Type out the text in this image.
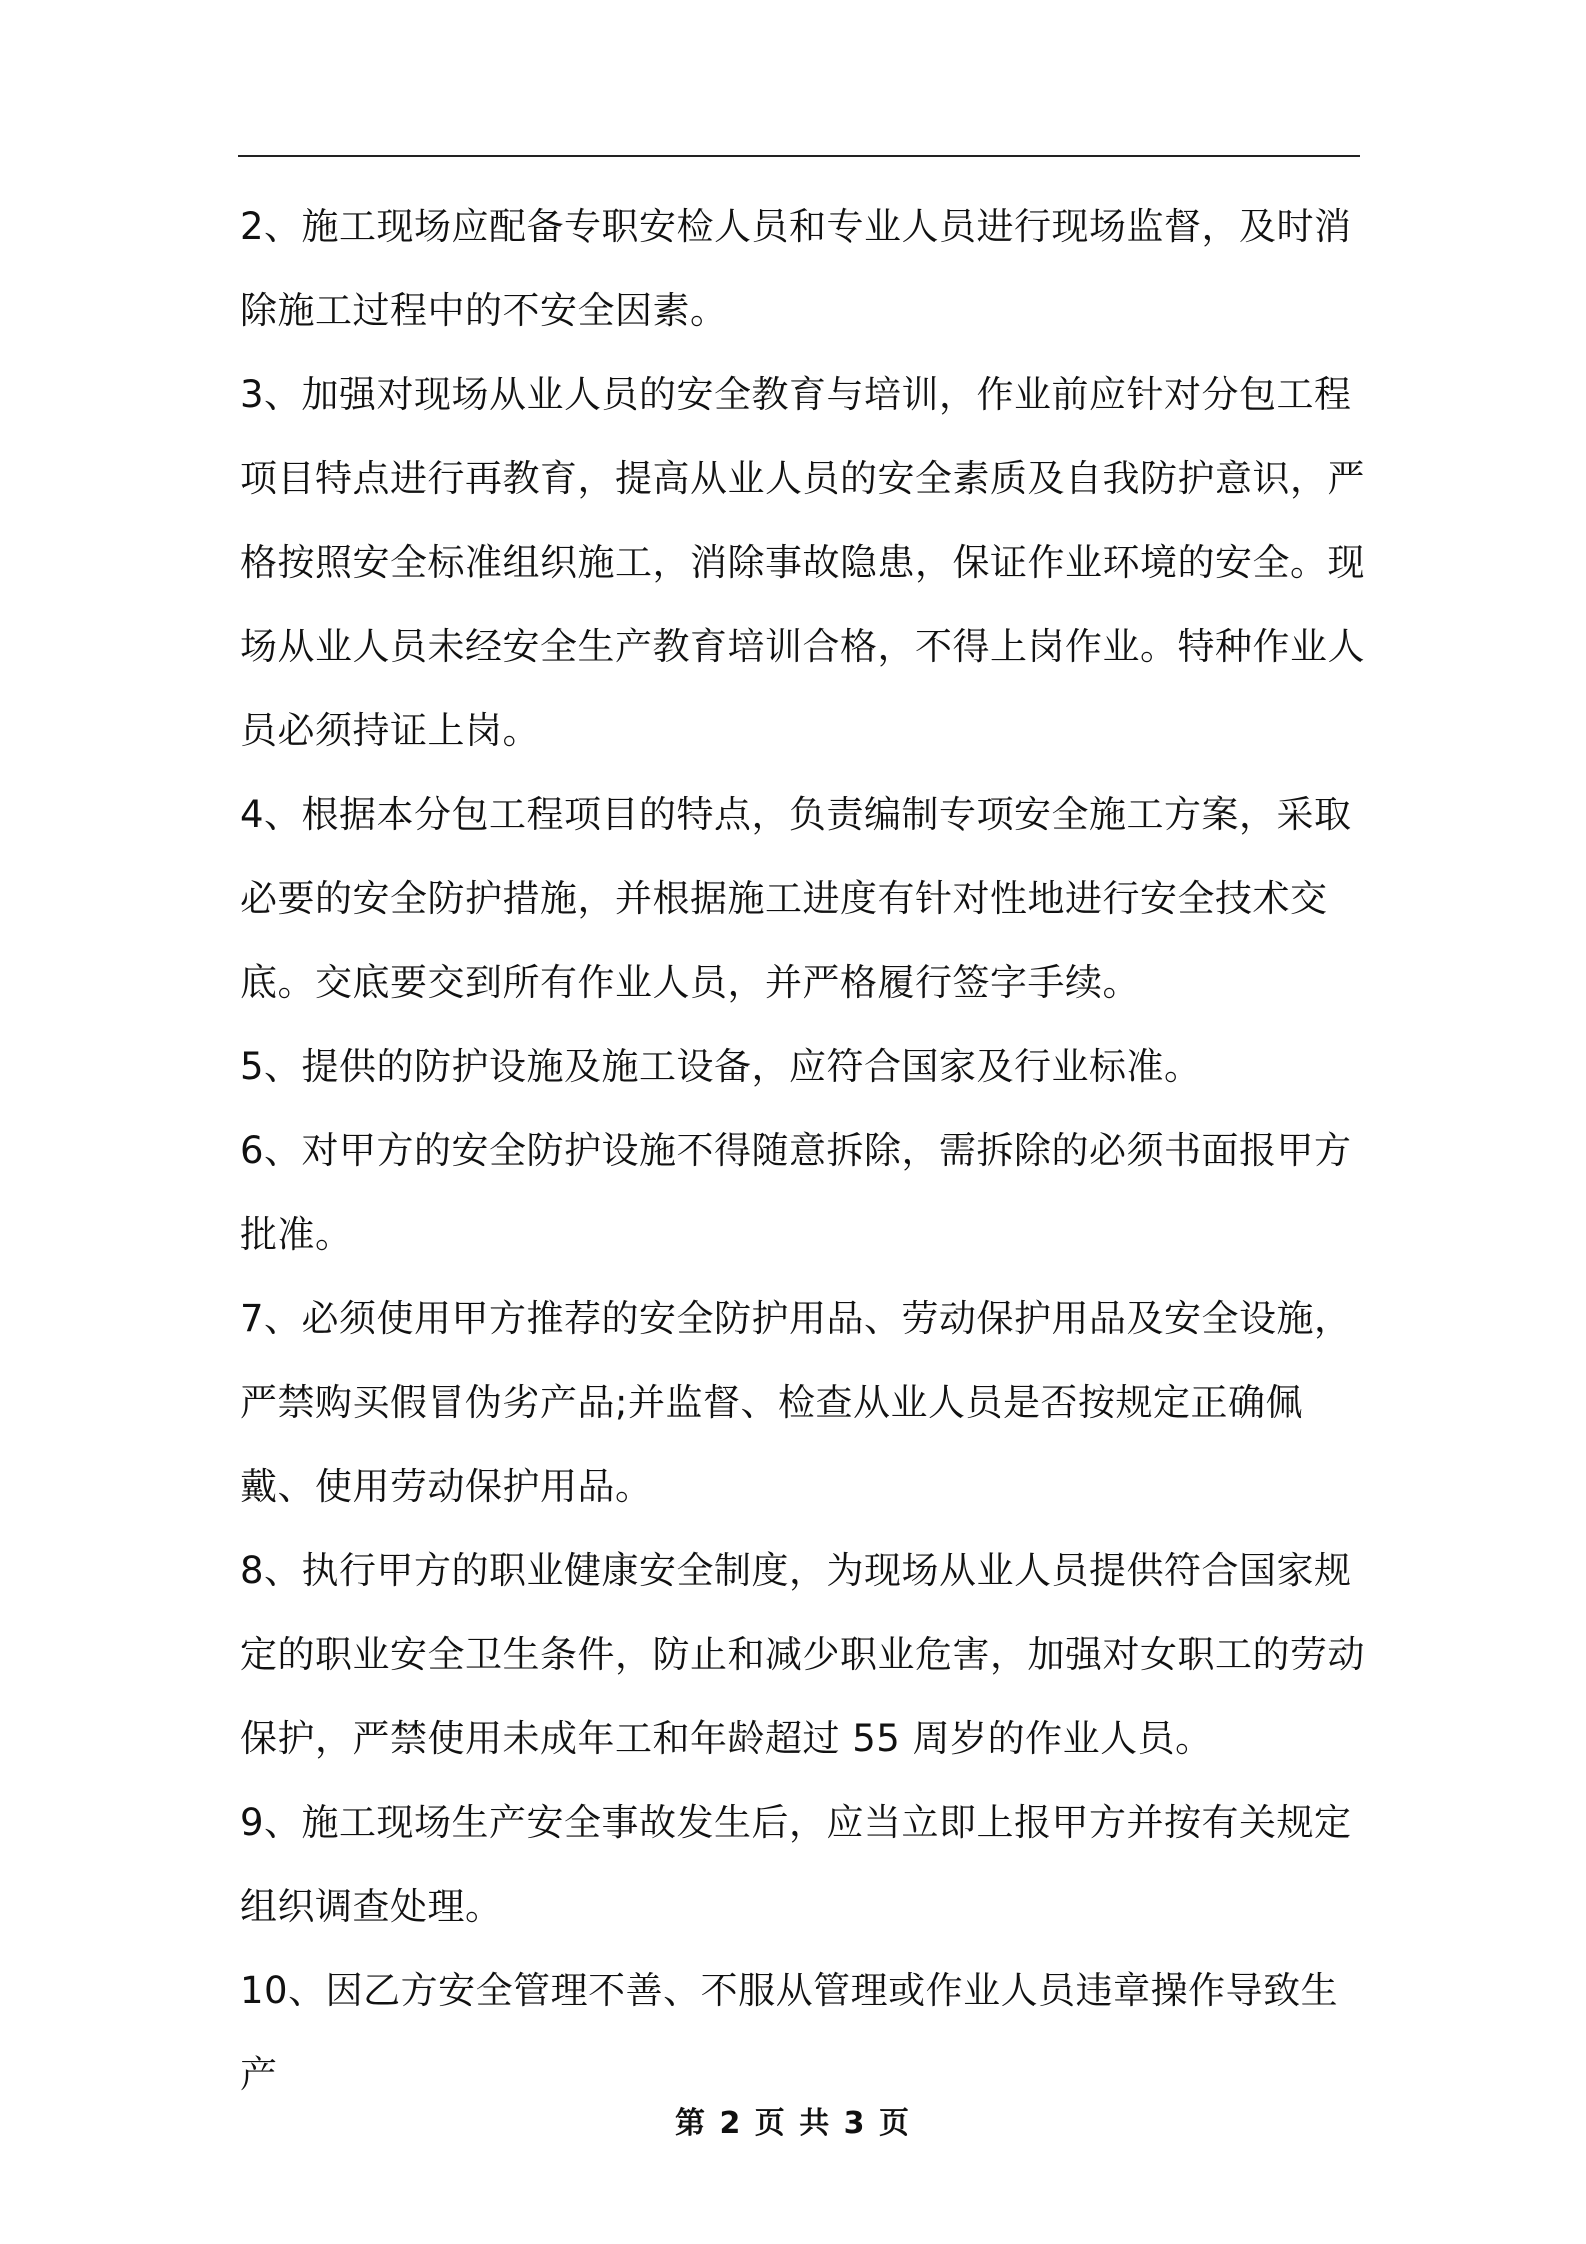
2、施工现场应配备专职安检人员和专业人员进行现场监督，及时消除施工过程中的不安全因素。

3、加强对现场从业人员的安全教育与培训，作业前应针对分包工程项目特点进行再教育，提高从业人员的安全素质及自我防护意识，严格按照安全标准组织施工，消除事故隐患，保证作业环境的安全。现场从业人员未经安全生产教育培训合格，不得上岗作业。特种作业人员必须持证上岗。

4、根据本分包工程项目的特点，负责编制专项安全施工方案，采取必要的安全防护措施，并根据施工进度有针对性地进行安全技术交底。交底要交到所有作业人员，并严格履行签字手续。

5、提供的防护设施及施工设备，应符合国家及行业标准。

6、对甲方的安全防护设施不得随意拆除，需拆除的必须书面报甲方批准。

7、必须使用甲方推荐的安全防护用品、劳动保护用品及安全设施，严禁购买假冒伪劣产品;并监督、检查从业人员是否按规定正确佩戴、使用劳动保护用品。

8、执行甲方的职业健康安全制度，为现场从业人员提供符合国家规定的职业安全卫生条件，防止和减少职业危害，加强对女职工的劳动保护，严禁使用未成年工和年龄超过 55 周岁的作业人员。

9、施工现场生产安全事故发生后，应当立即上报甲方并按有关规定组织调查处理。

10、因乙方安全管理不善、不服从管理或作业人员违章操作导致生产

第 2 页 共 3 页
